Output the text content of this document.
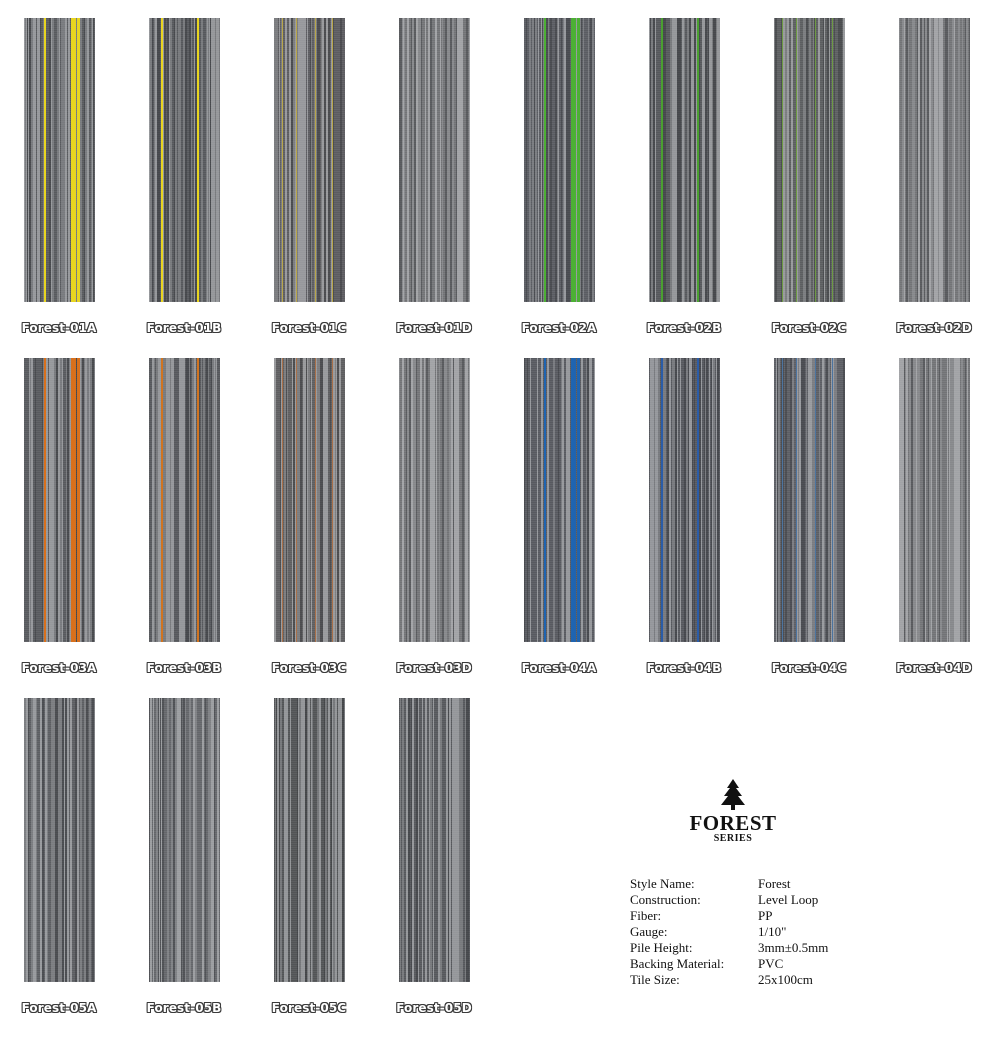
Forest-01A	Forest-01B	Forest-01C	Forest-01D	Forest-02A	Forest-02B	Forest-02C	Forest-02D
Forest-03A	Forest-03B	Forest-03C	Forest-03D	Forest-04A	Forest-04B	Forest-04C	Forest-04D
Forest-05A	Forest-05B	Forest-05C	Forest-05D
FOREST
SERIES
Style Name:	Forest
Construction:	Level Loop
Fiber:	PP
Gauge:	1/10"
Pile Height:	3mm±0.5mm
Backing Material:	PVC
Tile Size:	25x100cm
